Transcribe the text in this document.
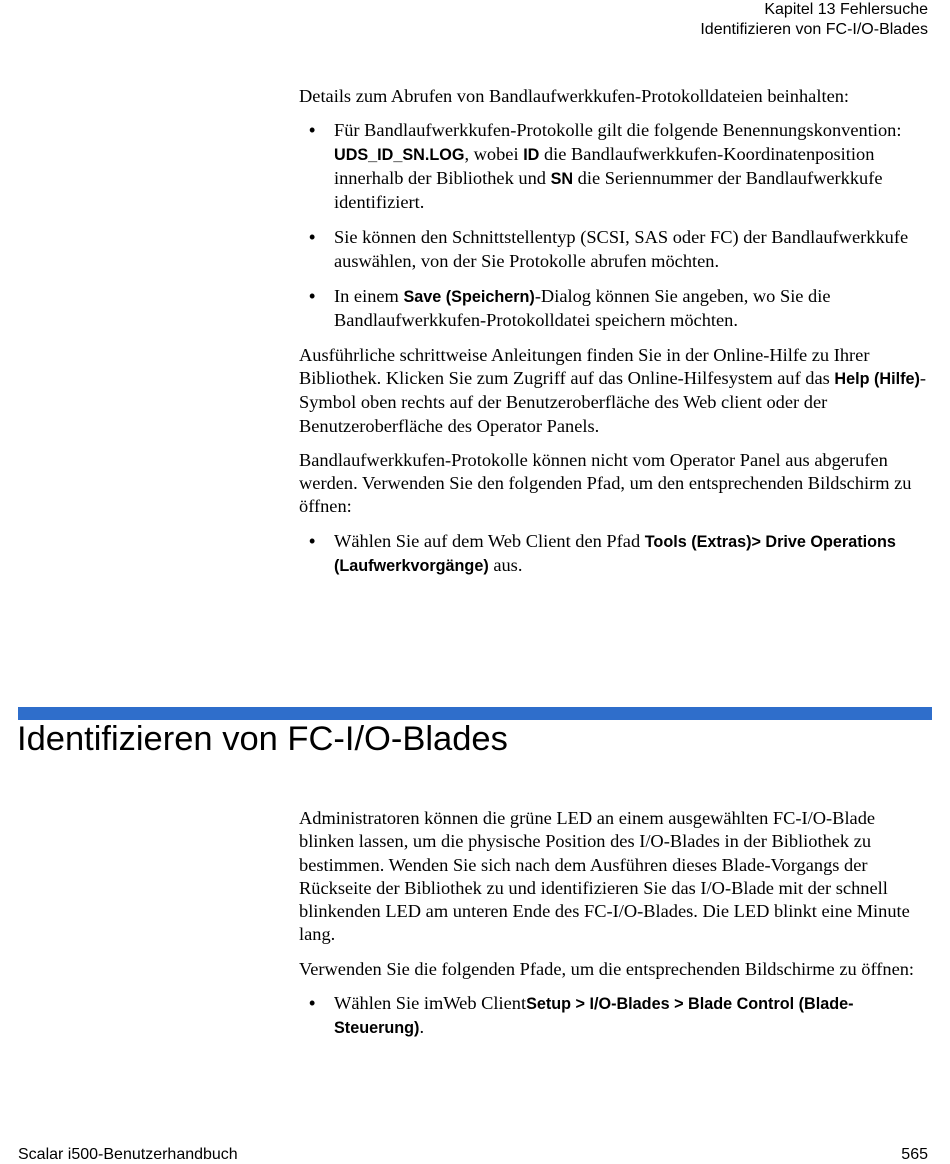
Kapitel 13 Fehlersuche
Identifizieren von FC-I/O-Blades

Details zum Abrufen von Bandlaufwerkkufen-Protokolldateien beinhalten:

• Für Bandlaufwerkkufen-Protokolle gilt die folgende Benennungskonvention: UDS_ID_SN.LOG, wobei ID die Bandlaufwerkkufen-Koordinatenposition innerhalb der Bibliothek und SN die Seriennummer der Bandlaufwerkkufe identifiziert.
• Sie können den Schnittstellentyp (SCSI, SAS oder FC) der Bandlaufwerkkufe auswählen, von der Sie Protokolle abrufen möchten.
• In einem Save (Speichern)-Dialog können Sie angeben, wo Sie die Bandlaufwerkkufen-Protokolldatei speichern möchten.

Ausführliche schrittweise Anleitungen finden Sie in der Online-Hilfe zu Ihrer Bibliothek. Klicken Sie zum Zugriff auf das Online-Hilfesystem auf das Help (Hilfe)-Symbol oben rechts auf der Benutzeroberfläche des Web client oder der Benutzeroberfläche des Operator Panels.

Bandlaufwerkkufen-Protokolle können nicht vom Operator Panel aus abgerufen werden. Verwenden Sie den folgenden Pfad, um den entsprechenden Bildschirm zu öffnen:

• Wählen Sie auf dem Web Client den Pfad Tools (Extras)> Drive Operations (Laufwerkvorgänge) aus.
Identifizieren von FC-I/O-Blades

Administratoren können die grüne LED an einem ausgewählten FC-I/O-Blade blinken lassen, um die physische Position des I/O-Blades in der Bibliothek zu bestimmen. Wenden Sie sich nach dem Ausführen dieses Blade-Vorgangs der Rückseite der Bibliothek zu und identifizieren Sie das I/O-Blade mit der schnell blinkenden LED am unteren Ende des FC-I/O-Blades. Die LED blinkt eine Minute lang.

Verwenden Sie die folgenden Pfade, um die entsprechenden Bildschirme zu öffnen:

• Wählen Sie imWeb ClientSetup > I/O-Blades > Blade Control (Blade-Steuerung).
Scalar i500-Benutzerhandbuch	565
